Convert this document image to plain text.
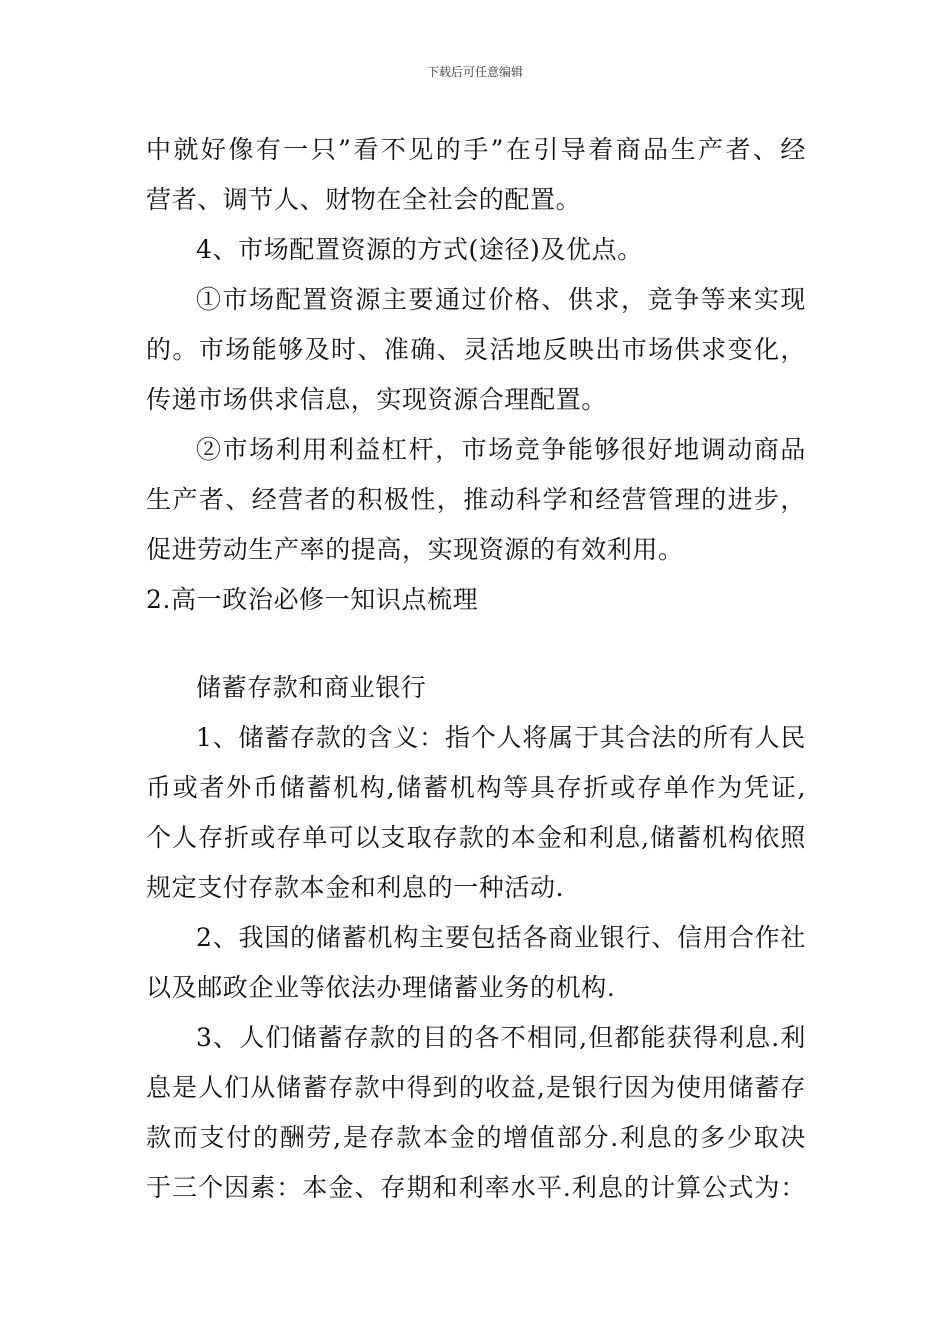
下载后可任意编辑
中就好像有一只”看不见的手”在引导着商品生产者、经
营者、调节人、财物在全社会的配置。
4、市场配置资源的方式(途径)及优点。
①市场配置资源主要通过价格、供求，竞争等来实现
的。市场能够及时、准确、灵活地反映出市场供求变化，
传递市场供求信息，实现资源合理配置。
②市场利用利益杠杆，市场竞争能够很好地调动商品
生产者、经营者的积极性，推动科学和经营管理的进步，
促进劳动生产率的提高，实现资源的有效利用。
2.高一政治必修一知识点梳理
储蓄存款和商业银行
1、储蓄存款的含义：指个人将属于其合法的所有人民
币或者外币储蓄机构,储蓄机构等具存折或存单作为凭证,
个人存折或存单可以支取存款的本金和利息,储蓄机构依照
规定支付存款本金和利息的一种活动.
2、我国的储蓄机构主要包括各商业银行、信用合作社
以及邮政企业等依法办理储蓄业务的机构.
3、人们储蓄存款的目的各不相同,但都能获得利息.利
息是人们从储蓄存款中得到的收益,是银行因为使用储蓄存
款而支付的酬劳,是存款本金的增值部分.利息的多少取决
于三个因素：本金、存期和利率水平.利息的计算公式为：
